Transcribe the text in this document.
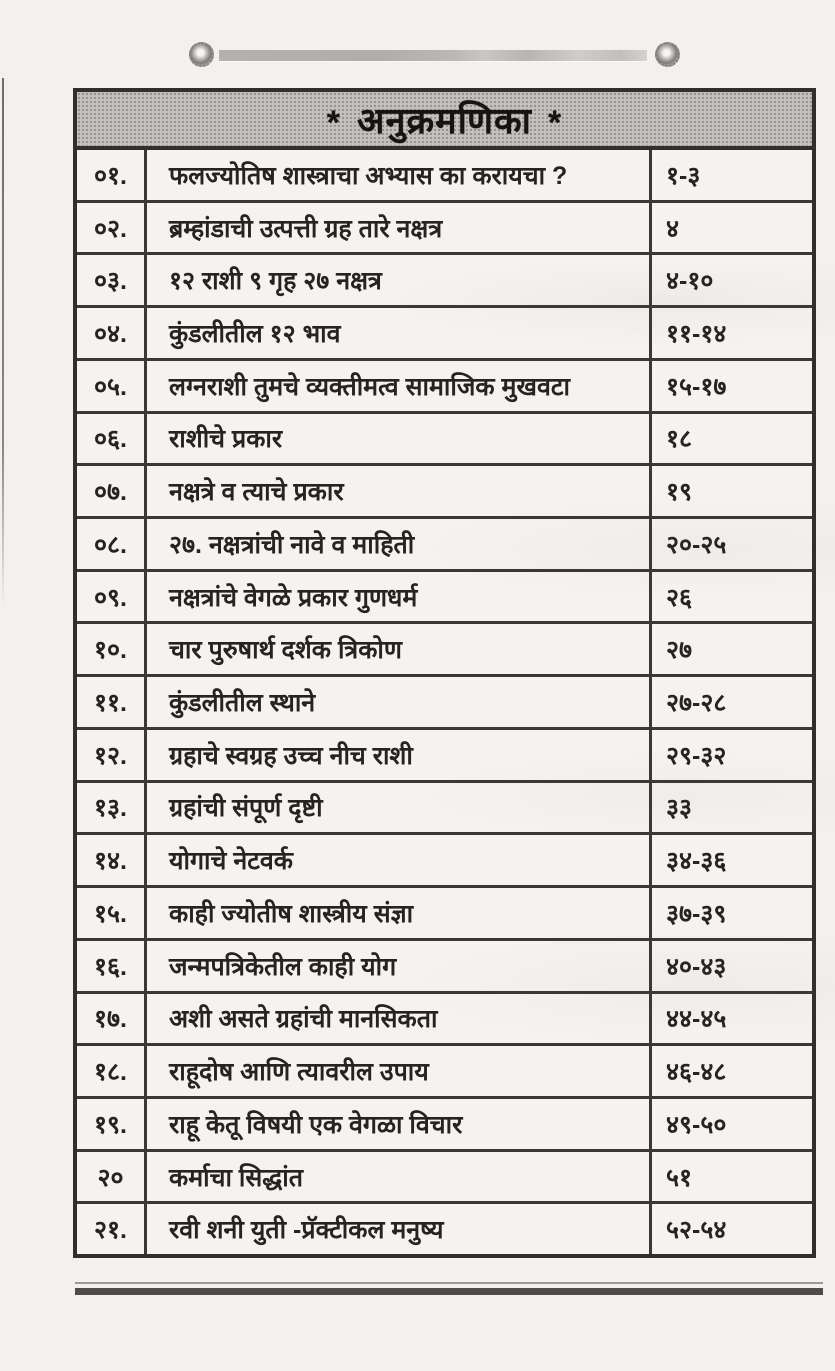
* अनुक्रमणिका *
०१.	फलज्योतिष शास्त्राचा अभ्यास का करायचा ?	१-३
०२.	ब्रम्हांडाची उत्पत्ती ग्रह तारे नक्षत्र	४
०३.	१२ राशी ९ गृह २७ नक्षत्र	४-१०
०४.	कुंडलीतील १२ भाव	११-१४
०५.	लग्नराशी तुमचे व्यक्तीमत्व सामाजिक मुखवटा	१५-१७
०६.	राशीचे प्रकार	१८
०७.	नक्षत्रे व त्याचे प्रकार	१९
०८.	२७. नक्षत्रांची नावे व माहिती	२०-२५
०९.	नक्षत्रांचे वेगळे प्रकार गुणधर्म	२६
१०.	चार पुरुषार्थ दर्शक त्रिकोण	२७
११.	कुंडलीतील स्थाने	२७-२८
१२.	ग्रहाचे स्वग्रह उच्च नीच राशी	२९-३२
१३.	ग्रहांची संपूर्ण दृष्टी	३३
१४.	योगाचे नेटवर्क	३४-३६
१५.	काही ज्योतीष शास्त्रीय संज्ञा	३७-३९
१६.	जन्मपत्रिकेतील काही योग	४०-४३
१७.	अशी असते ग्रहांची मानसिकता	४४-४५
१८.	राहूदोष आणि त्यावरील उपाय	४६-४८
१९.	राहू केतू विषयी एक वेगळा विचार	४९-५०
२०	कर्माचा सिद्धांत	५१
२१.	रवी शनी युती -प्रॅक्टीकल मनुष्य	५२-५४
